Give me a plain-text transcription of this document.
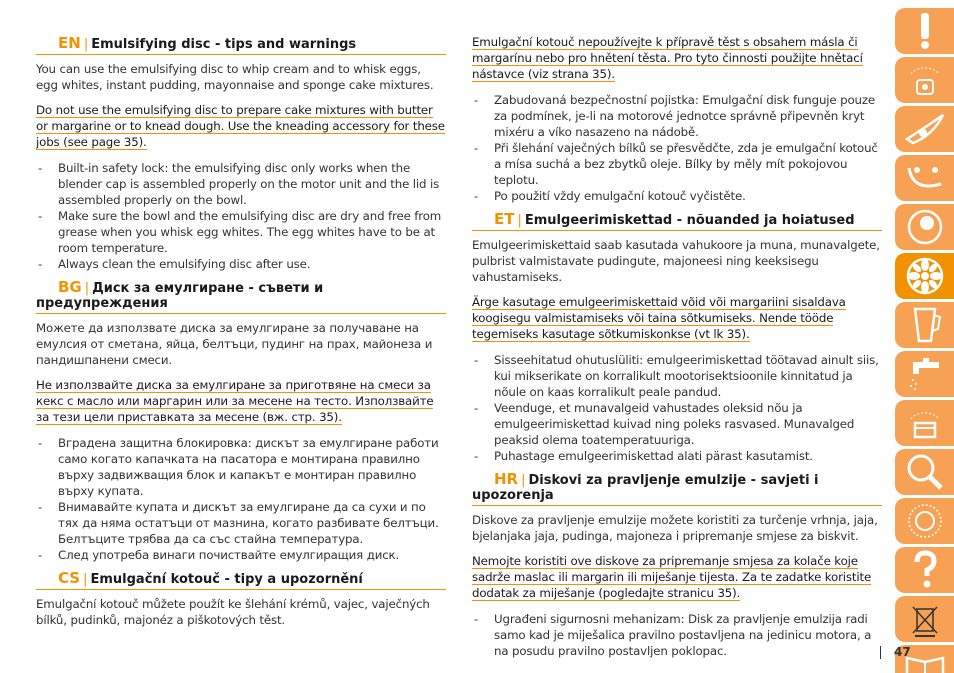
EN | Emulsifying disc - tips and warnings

You can use the emulsifying disc to whip cream and to whisk eggs, egg whites, instant pudding, mayonnaise and sponge cake mixtures.

Do not use the emulsifying disc to prepare cake mixtures with butter or margarine or to knead dough. Use the kneading accessory for these jobs (see page 35).

- Built-in safety lock: the emulsifying disc only works when the blender cap is assembled properly on the motor unit and the lid is assembled properly on the bowl.
- Make sure the bowl and the emulsifying disc are dry and free from grease when you whisk egg whites. The egg whites have to be at room temperature.
- Always clean the emulsifying disc after use.
BG | Диск за емулгиране - съвети и предупреждения

Можете да използвате диска за емулгиране за получаване на емулсия от сметана, яйца, белтъци, пудинг на прах, майонеза и пандишпанени смеси.

Не използвайте диска за емулгиране за приготвяне на смеси за кекс с масло или маргарин или за месене на тесто. Използвайте за тези цели приставката за месене (вж. стр. 35).

- Вградена защитна блокировка: дискът за емулгиране работи само когато капачката на пасатора е монтирана правилно върху задвижващия блок и капакът е монтиран правилно върху купата.
- Внимавайте купата и дискът за емулгиране да са сухи и по тях да няма остатъци от мазнина, когато разбивате белтъци. Белтъците трябва да са със стайна температура.
- След употреба винаги почиствайте емулгиращия диск.
CS | Emulgační kotouč - tipy a upozornění

Emulgační kotouč můžete použít ke šlehání krémů, vajec, vaječných bílků, pudinků, majonéz a piškotových těst.

Emulgační kotouč nepoužívejte k přípravě těst s obsahem másla či margarínu nebo pro hnětení těsta. Pro tyto činnosti použijte hnětací nástavce (viz strana 35).

- Zabudovaná bezpečnostní pojistka: Emulgační disk funguje pouze za podmínek, je-li na motorové jednotce správně připevněn kryt mixéru a víko nasazeno na nádobě.
- Při šlehání vaječných bílků se přesvědčte, zda je emulgační kotouč a mísa suchá a bez zbytků oleje. Bílky by měly mít pokojovou teplotu.
- Po použití vždy emulgační kotouč vyčistěte.
ET | Emulgeerimiskettad - nõuanded ja hoiatused

Emulgeerimiskettaid saab kasutada vahukoore ja muna, munavalgete, pulbrist valmistavate pudingute, majoneesi ning keeksisegu vahustamiseks.

Ärge kasutage emulgeerimiskettaid võid või margariini sisaldava koogisegu valmistamiseks või taina sõtkumiseks. Nende tööde tegemiseks kasutage sõtkumiskonkse (vt lk 35).

- Sisseehitatud ohutuslüliti: emulgeerimiskettad töötavad ainult siis, kui mikserikate on korralikult mootorisektsioonile kinnitatud ja nõule on kaas korralikult peale pandud.
- Veenduge, et munavalgeid vahustades oleksid nõu ja emulgeerimiskettad kuivad ning poleks rasvased. Munavalged peaksid olema toatemperatuuriga.
- Puhastage emulgeerimiskettad alati pärast kasutamist.
HR | Diskovi za pravljenje emulzije - savjeti i upozorenja

Diskove za pravljenje emulzije možete koristiti za turčenje vrhnja, jaja, bjelanjaka jaja, pudinga, majoneza i pripremanje smjese za biskvit.

Nemojte koristiti ove diskove za pripremanje smjesa za kolače koje sadrže maslac ili margarin ili miješanje tijesta. Za te zadatke koristite dodatak za miješanje (pogledajte stranicu 35).

- Ugrađeni sigurnosni mehanizam: Disk za pravljenje emulzija radi samo kad je miješalica pravilno postavljena na jedinicu motora, a na posudu pravilno postavljen poklopac.	47
